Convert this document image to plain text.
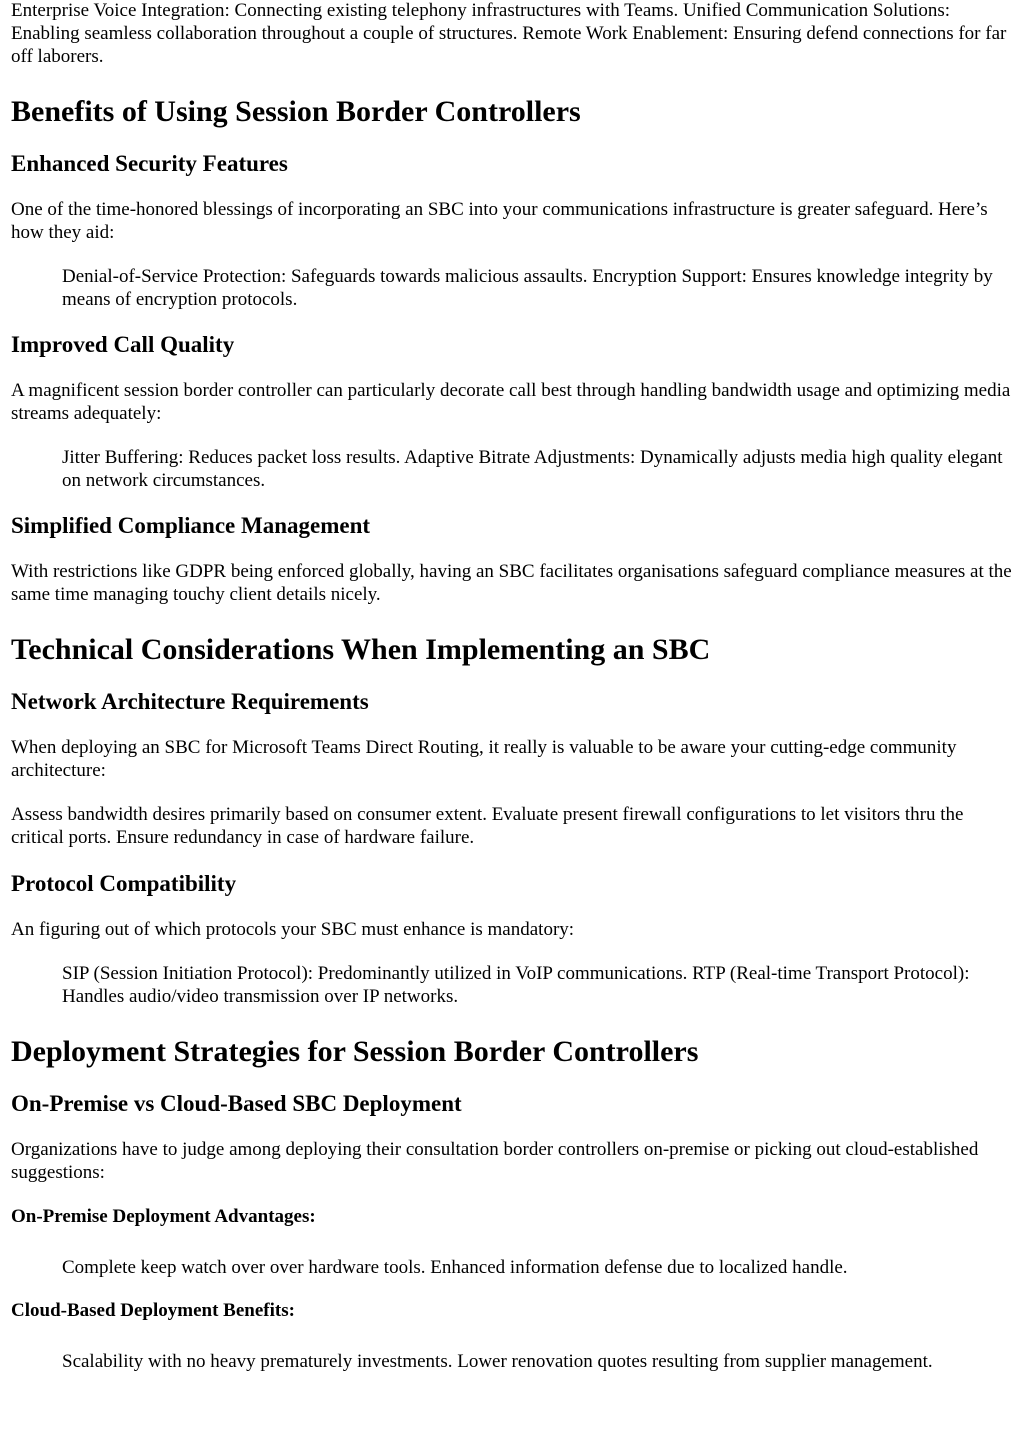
Enterprise Voice Integration: Connecting existing telephony infrastructures with Teams. Unified Communication Solutions: Enabling seamless collaboration throughout a couple of structures. Remote Work Enablement: Ensuring defend connections for far off laborers.

Benefits of Using Session Border Controllers
Enhanced Security Features

One of the time-honored blessings of incorporating an SBC into your communications infrastructure is greater safeguard. Here’s how they aid:

Denial-of-Service Protection: Safeguards towards malicious assaults. Encryption Support: Ensures knowledge integrity by means of encryption protocols.
Improved Call Quality

A magnificent session border controller can particularly decorate call best through handling bandwidth usage and optimizing media streams adequately:

Jitter Buffering: Reduces packet loss results. Adaptive Bitrate Adjustments: Dynamically adjusts media high quality elegant on network circumstances.
Simplified Compliance Management

With restrictions like GDPR being enforced globally, having an SBC facilitates organisations safeguard compliance measures at the same time managing touchy client details nicely.

Technical Considerations When Implementing an SBC
Network Architecture Requirements

When deploying an SBC for Microsoft Teams Direct Routing, it really is valuable to be aware your cutting-edge community architecture:

Assess bandwidth desires primarily based on consumer extent. Evaluate present firewall configurations to let visitors thru the critical ports. Ensure redundancy in case of hardware failure.

Protocol Compatibility

An figuring out of which protocols your SBC must enhance is mandatory:

SIP (Session Initiation Protocol): Predominantly utilized in VoIP communications. RTP (Real-time Transport Protocol): Handles audio/video transmission over IP networks.
Deployment Strategies for Session Border Controllers
On-Premise vs Cloud-Based SBC Deployment

Organizations have to judge among deploying their consultation border controllers on-premise or picking out cloud-established suggestions:

On-Premise Deployment Advantages:
Complete keep watch over over hardware tools. Enhanced information defense due to localized handle.
Cloud-Based Deployment Benefits:
Scalability with no heavy prematurely investments. Lower renovation quotes resulting from supplier management.
